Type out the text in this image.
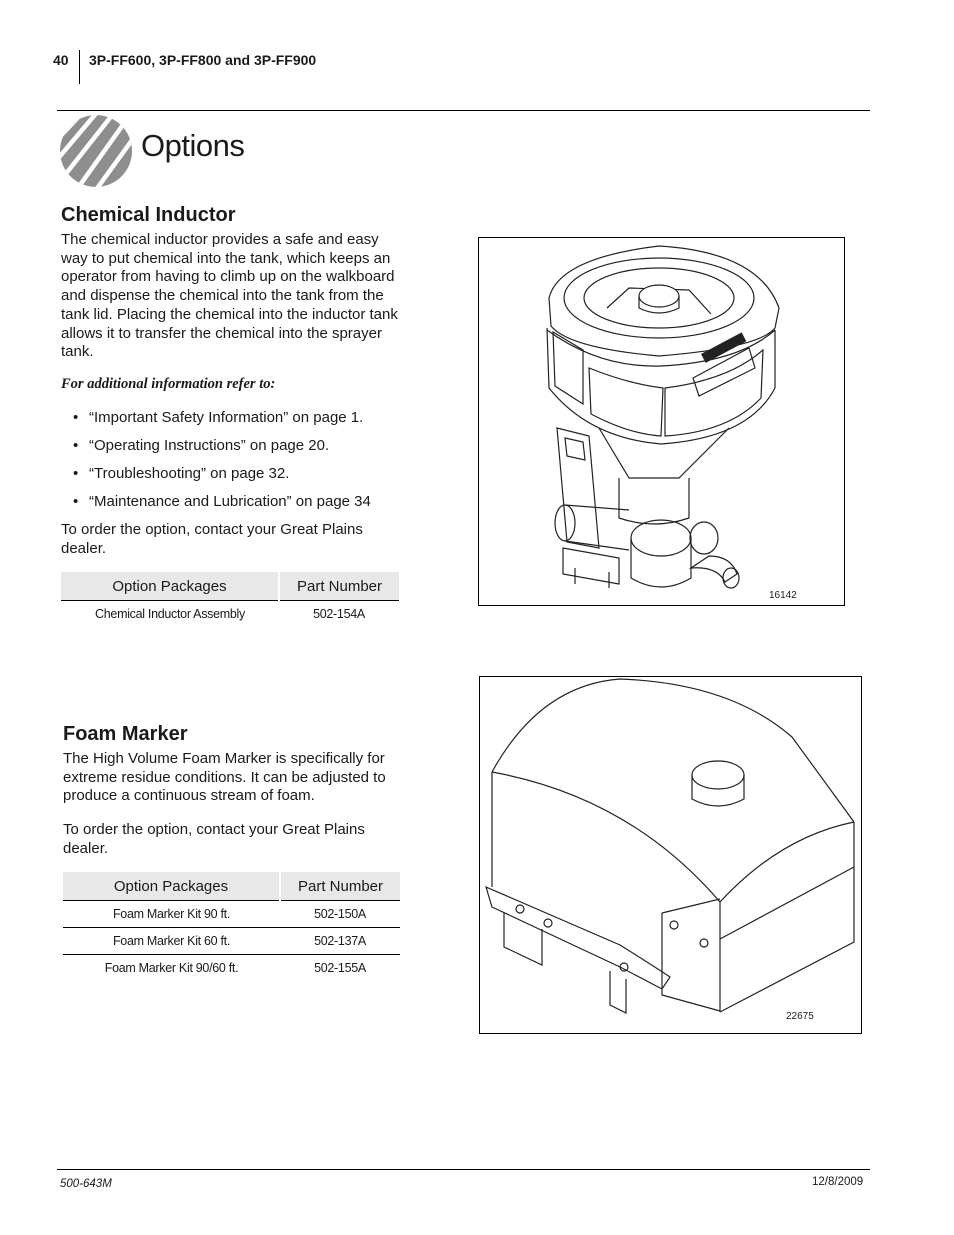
40 3P-FF600, 3P-FF800 and 3P-FF900
Options
Chemical Inductor
The chemical inductor provides a safe and easy way to put chemical into the tank, which keeps an operator from having to climb up on the walkboard and dispense the chemical into the tank from the tank lid. Placing the chemical into the inductor tank allows it to transfer the chemical into the sprayer tank.
For additional information refer to:
• “Important Safety Information” on page 1.
• “Operating Instructions” on page 20.
• “Troubleshooting” on page 32.
• “Maintenance and Lubrication” on page 34
To order the option, contact your Great Plains dealer.
Option Packages	Part Number
Chemical Inductor Assembly	502-154A
16142
Foam Marker
The High Volume Foam Marker is specifically for extreme residue conditions. It can be adjusted to produce a continuous stream of foam.
To order the option, contact your Great Plains dealer.
Option Packages	Part Number
Foam Marker Kit 90 ft.	502-150A
Foam Marker Kit 60 ft.	502-137A
Foam Marker Kit 90/60 ft.	502-155A
22675
500-643M	12/8/2009
